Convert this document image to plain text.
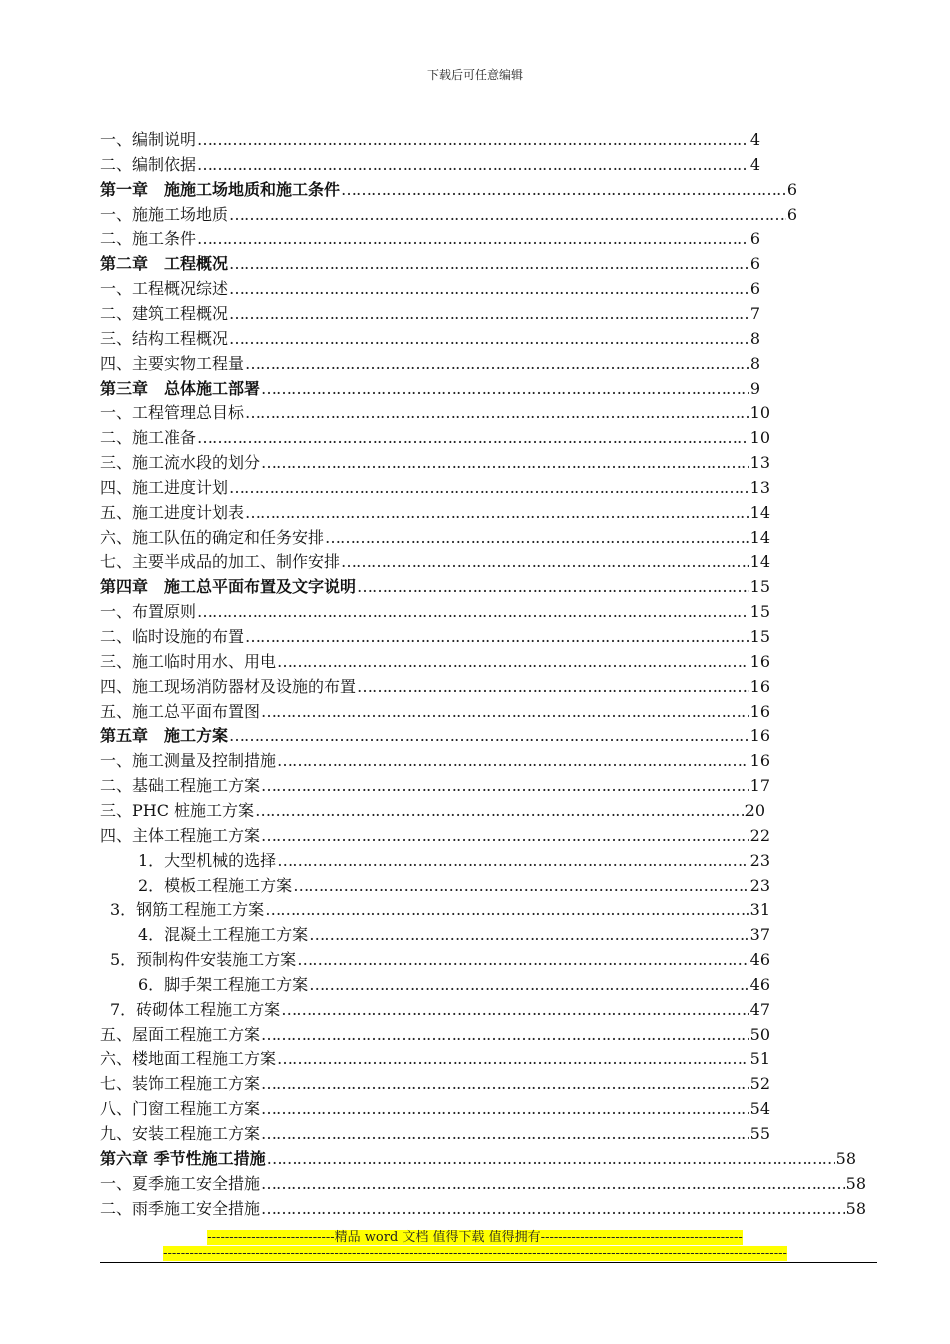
下载后可任意编辑
一、编制说明 …………………………………………………………………………………………………………………………………………………………………………………………………………………………………………………………………………………………	4
二、编制依据 …………………………………………………………………………………………………………………………………………………………………………………………………………………………………………………………………………………………	4
第一章　施施工场地质和施工条件 …………………………………………………………………………………………………………………………………………………………………………………………………………………………………………………………………………………………	6
一、施施工场地质 …………………………………………………………………………………………………………………………………………………………………………………………………………………………………………………………………………………………	6
二、施工条件 …………………………………………………………………………………………………………………………………………………………………………………………………………………………………………………………………………………………	6
第二章　工程概况 …………………………………………………………………………………………………………………………………………………………………………………………………………………………………………………………………………………………	6
一、工程概况综述 …………………………………………………………………………………………………………………………………………………………………………………………………………………………………………………………………………………………	6
二、建筑工程概况 …………………………………………………………………………………………………………………………………………………………………………………………………………………………………………………………………………………………	7
三、结构工程概况 …………………………………………………………………………………………………………………………………………………………………………………………………………………………………………………………………………………………	8
四、主要实物工程量 …………………………………………………………………………………………………………………………………………………………………………………………………………………………………………………………………………………………	8
第三章　总体施工部署 …………………………………………………………………………………………………………………………………………………………………………………………………………………………………………………………………………………………	9
一、工程管理总目标 …………………………………………………………………………………………………………………………………………………………………………………………………………………………………………………………………………………………	10
二、施工准备 …………………………………………………………………………………………………………………………………………………………………………………………………………………………………………………………………………………………	10
三、施工流水段的划分 …………………………………………………………………………………………………………………………………………………………………………………………………………………………………………………………………………………………	13
四、施工进度计划 …………………………………………………………………………………………………………………………………………………………………………………………………………………………………………………………………………………………	13
五、施工进度计划表 …………………………………………………………………………………………………………………………………………………………………………………………………………………………………………………………………………………………	14
六、施工队伍的确定和任务安排 …………………………………………………………………………………………………………………………………………………………………………………………………………………………………………………………………………………………	14
七、主要半成品的加工、制作安排 …………………………………………………………………………………………………………………………………………………………………………………………………………………………………………………………………………………………	14
第四章　施工总平面布置及文字说明 …………………………………………………………………………………………………………………………………………………………………………………………………………………………………………………………………………………………	15
一、布置原则 …………………………………………………………………………………………………………………………………………………………………………………………………………………………………………………………………………………………	15
二、临时设施的布置 …………………………………………………………………………………………………………………………………………………………………………………………………………………………………………………………………………………………	15
三、施工临时用水、用电 …………………………………………………………………………………………………………………………………………………………………………………………………………………………………………………………………………………………	16
四、施工现场消防器材及设施的布置 …………………………………………………………………………………………………………………………………………………………………………………………………………………………………………………………………………………………	16
五、施工总平面布置图 …………………………………………………………………………………………………………………………………………………………………………………………………………………………………………………………………………………………	16
第五章　施工方案 …………………………………………………………………………………………………………………………………………………………………………………………………………………………………………………………………………………………	16
一、施工测量及控制措施 …………………………………………………………………………………………………………………………………………………………………………………………………………………………………………………………………………………………	16
二、基础工程施工方案 …………………………………………………………………………………………………………………………………………………………………………………………………………………………………………………………………………………………	17
三、PHC 桩施工方案 …………………………………………………………………………………………………………………………………………………………………………………………………………………………………………………………………………………………	20
四、主体工程施工方案 …………………………………………………………………………………………………………………………………………………………………………………………………………………………………………………………………………………………	22
1．大型机械的选择 …………………………………………………………………………………………………………………………………………………………………………………………………………………………………………………………………………………………	23
2．模板工程施工方案 …………………………………………………………………………………………………………………………………………………………………………………………………………………………………………………………………………………………	23
3．钢筋工程施工方案 …………………………………………………………………………………………………………………………………………………………………………………………………………………………………………………………………………………………	31
4．混凝土工程施工方案 …………………………………………………………………………………………………………………………………………………………………………………………………………………………………………………………………………………………	37
5．预制构件安装施工方案 …………………………………………………………………………………………………………………………………………………………………………………………………………………………………………………………………………………………	46
6．脚手架工程施工方案 …………………………………………………………………………………………………………………………………………………………………………………………………………………………………………………………………………………………	46
7．砖砌体工程施工方案 …………………………………………………………………………………………………………………………………………………………………………………………………………………………………………………………………………………………	47
五、屋面工程施工方案 …………………………………………………………………………………………………………………………………………………………………………………………………………………………………………………………………………………………	50
六、楼地面工程施工方案 …………………………………………………………………………………………………………………………………………………………………………………………………………………………………………………………………………………………	51
七、装饰工程施工方案 …………………………………………………………………………………………………………………………………………………………………………………………………………………………………………………………………………………………	52
八、门窗工程施工方案 …………………………………………………………………………………………………………………………………………………………………………………………………………………………………………………………………………………………	54
九、安装工程施工方案 …………………………………………………………………………………………………………………………………………………………………………………………………………………………………………………………………………………………	55
第六章 季节性施工措施 …………………………………………………………………………………………………………………………………………………………………………………………………………………………………………………………………………………………	58
一、夏季施工安全措施 …………………………………………………………………………………………………………………………………………………………………………………………………………………………………………………………………………………………	58
二、雨季施工安全措施 …………………………………………………………………………………………………………………………………………………………………………………………………………………………………………………………………………………………	58
-----------------------------精品 word 文档 值得下载 值得拥有----------------------------------------------
----------------------------------------------------------------------------------------------------------------------------------------------
